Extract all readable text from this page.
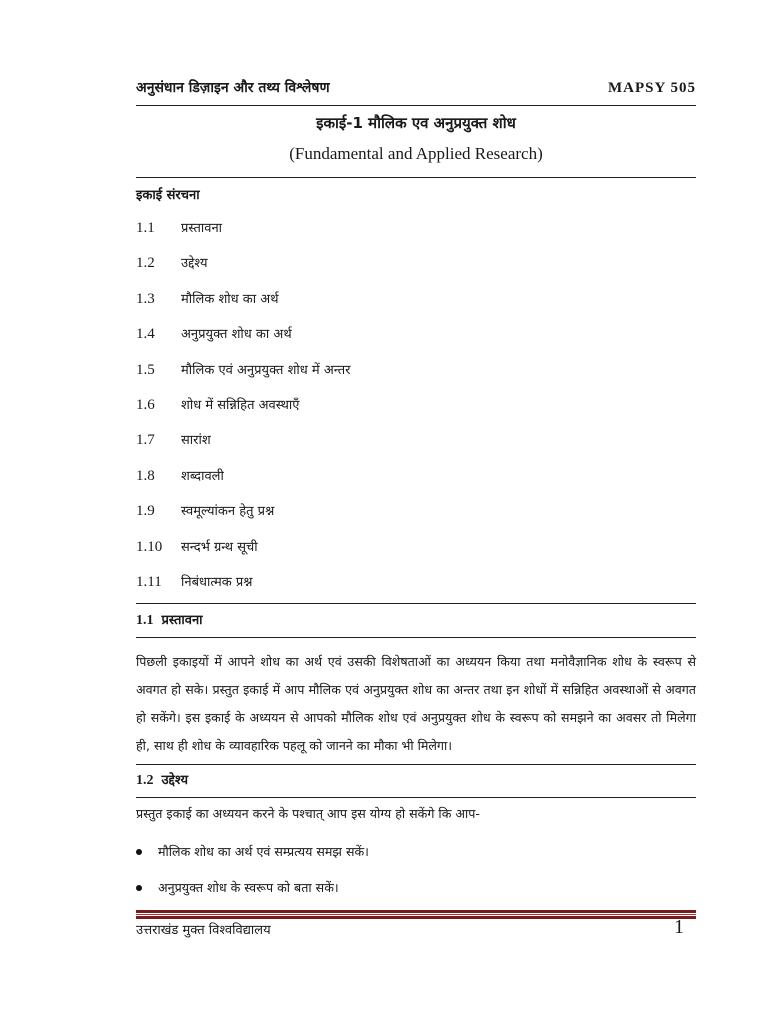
अनुसंधान डिज़ाइन और तथ्य विश्लेषण	MAPSY 505
इकाई-1 मौलिक एव अनुप्रयुक्त शोध
(Fundamental and Applied Research)
इकाई संरचना
1.1 प्रस्तावना
1.2 उद्देश्य
1.3 मौलिक शोध का अर्थ
1.4 अनुप्रयुक्त शोध का अर्थ
1.5 मौलिक एवं अनुप्रयुक्त शोध में अन्तर
1.6 शोध में सन्निहित अवस्थाएँ
1.7 सारांश
1.8 शब्दावली
1.9 स्वमूल्यांकन हेतु प्रश्न
1.10 सन्दर्भ ग्रन्थ सूची
1.11 निबंधात्मक प्रश्न
1.1 प्रस्तावना

पिछली इकाइयों में आपने शोध का अर्थ एवं उसकी विशेषताओं का अध्ययन किया तथा मनोवैज्ञानिक शोध के स्वरूप से अवगत हो सके। प्रस्तुत इकाई में आप मौलिक एवं अनुप्रयुक्त शोध का अन्तर तथा इन शोधों में सन्निहित अवस्थाओं से अवगत हो सकेंगे। इस इकाई के अध्ययन से आपको मौलिक शोध एवं अनुप्रयुक्त शोध के स्वरूप को समझने का अवसर तो मिलेगा ही, साथ ही शोध के व्यावहारिक पहलू को जानने का मौका भी मिलेगा।

1.2 उद्देश्य

प्रस्तुत इकाई का अध्ययन करने के पश्चात् आप इस योग्य हो सकेंगे कि आप-

मौलिक शोध का अर्थ एवं सम्प्रत्यय समझ सकें।
अनुप्रयुक्त शोध के स्वरूप को बता सकें।
उत्तराखंड मुक्त विश्वविद्यालय	1
